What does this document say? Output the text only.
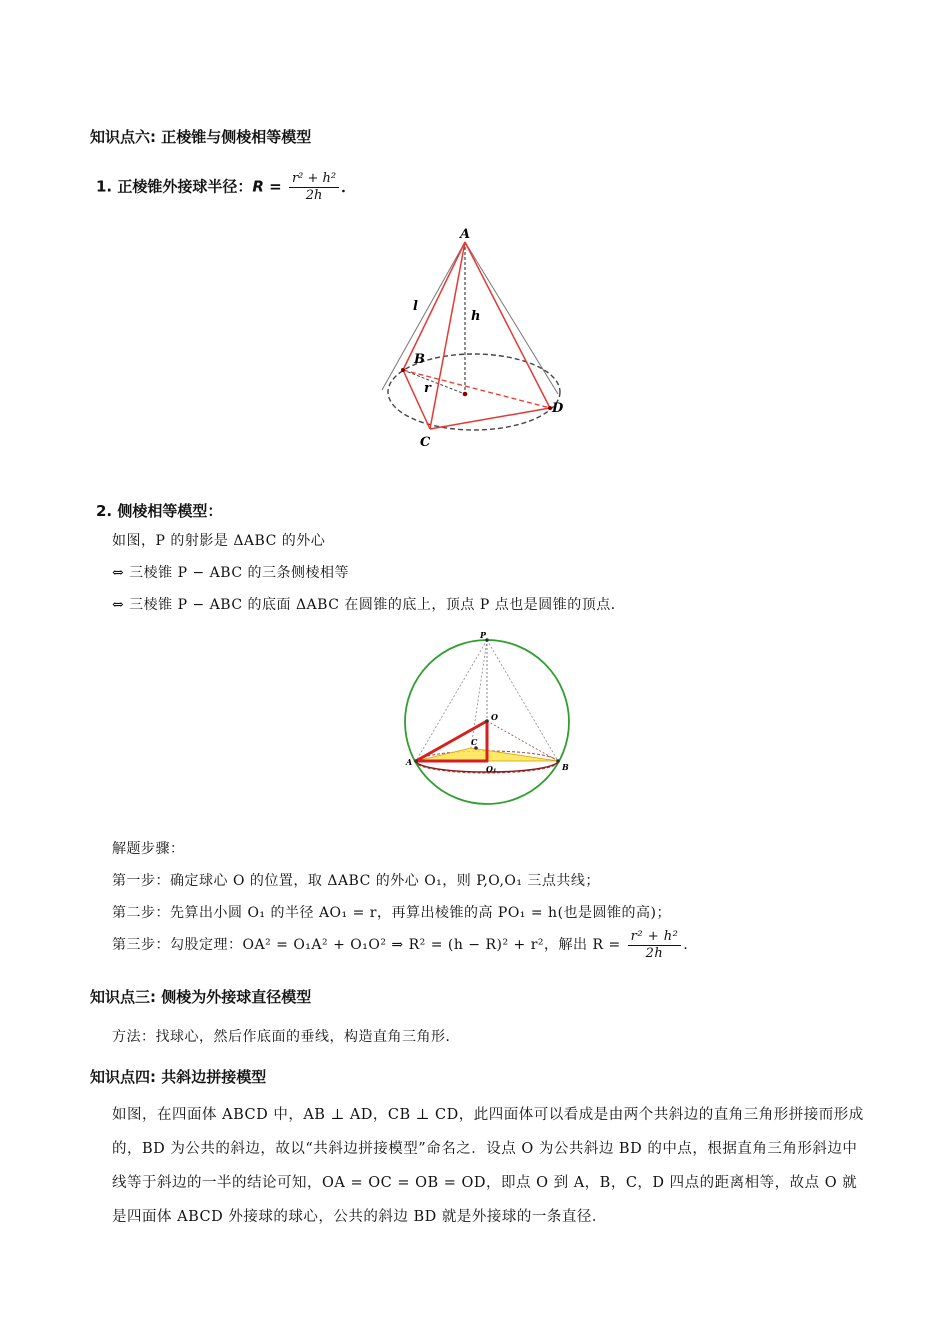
知识点六: 正棱锥与侧棱相等模型
1. 正棱锥外接球半径：$R = \frac{\text{r² + h²}}{2h}$ ．
A
l
h
B
r
D
C
2. 侧棱相等模型：
如图，P 的射影是 ΔABC 的外心
⇔ 三棱锥 P − ABC 的三条侧棱相等
⇔ 三棱锥 P − ABC 的底面 ΔABC 在圆锥的底上，顶点 P 点也是圆锥的顶点．
P
O
C
A	B
O₁
解题步骤：
第一步：确定球心 O 的位置，取 ΔABC 的外心 O₁，则 P,O,O₁ 三点共线；
第二步：先算出小圆 O₁ 的半径 AO₁ = r，再算出棱锥的高 PO₁ = h(也是圆锥的高)；
第三步：勾股定理：OA² = O₁A² + O₁O² ⇒ R² = (h − R)² + r²，解出 $R = \frac{\text{r² + h²}}{2h}$ ．
知识点三: 侧棱为外接球直径模型
方法：找球心，然后作底面的垂线，构造直角三角形．
知识点四: 共斜边拼接模型
如图，在四面体 ABCD 中，AB ⊥ AD，CB ⊥ CD，此四面体可以看成是由两个共斜边的直角三角形拼接而形成的，BD 为公共的斜边，故以“共斜边拼接模型”命名之．设点 O 为公共斜边 BD 的中点，根据直角三角形斜边中线等于斜边的一半的结论可知，OA = OC = OB = OD，即点 O 到 A，B，C，D 四点的距离相等，故点 O 就是四面体 ABCD 外接球的球心，公共的斜边 BD 就是外接球的一条直径．
